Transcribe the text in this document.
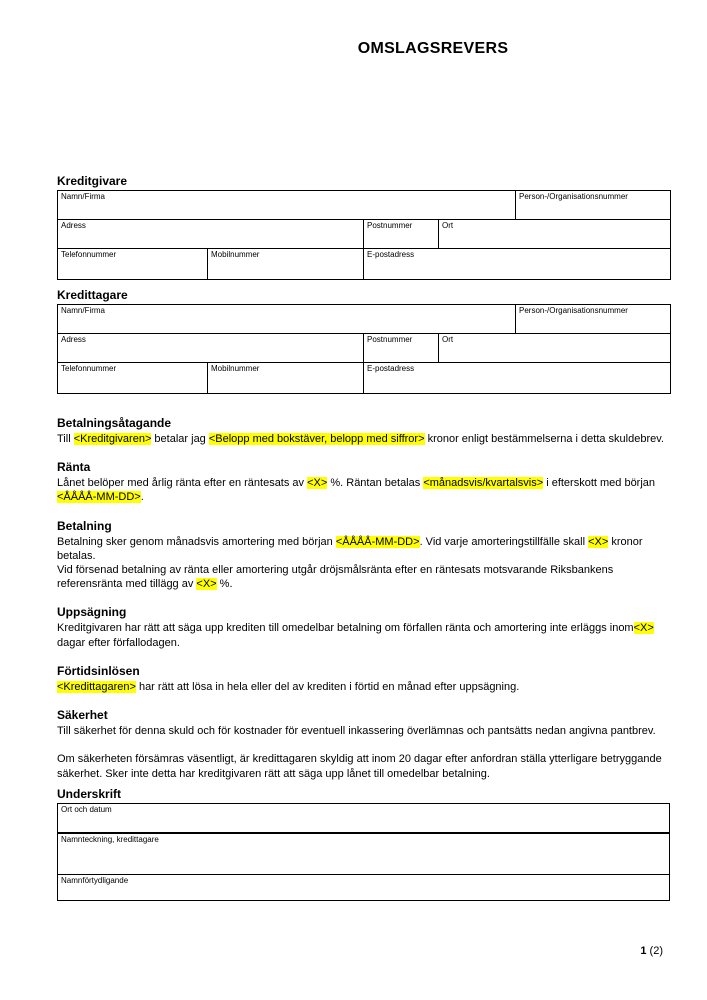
OMSLAGSREVERS
Kreditgivare
Namn/Firma				Person-/Organisationsnummer
Adress		Postnummer	Ort	
Telefonnummer	Mobilnummer	E-postadress		
Kredittagare
Namn/Firma				Person-/Organisationsnummer
Adress		Postnummer	Ort	
Telefonnummer	Mobilnummer	E-postadress		
Betalningsåtagande

Till <Kreditgivaren> betalar jag <Belopp med bokstäver, belopp med siffror> kronor enligt bestämmelserna i detta skuldebrev.

Ränta

Lånet belöper med årlig ränta efter en räntesats av <X> %. Räntan betalas <månadsvis/kvartalsvis> i efterskott med början <ÅÅÅÅ-MM-DD>.

Betalning

Betalning sker genom månadsvis amortering med början <ÅÅÅÅ-MM-DD>. Vid varje amorteringstillfälle skall <X> kronor betalas.

Vid försenad betalning av ränta eller amortering utgår dröjsmålsränta efter en räntesats motsvarande Riksbankens referensränta med tillägg av <X> %.

Uppsägning

Kreditgivaren har rätt att säga upp krediten till omedelbar betalning om förfallen ränta och amortering inte erläggs inom<X> dagar efter förfallodagen.

Förtidsinlösen

<Kredittagaren> har rätt att lösa in hela eller del av krediten i förtid en månad efter uppsägning.

Säkerhet

Till säkerhet för denna skuld och för kostnader för eventuell inkassering överlämnas och pantsätts nedan angivna pantbrev.

Om säkerheten försämras väsentligt, är kredittagaren skyldig att inom 20 dagar efter anfordran ställa ytterligare betryggande säkerhet. Sker inte detta har kreditgivaren rätt att säga upp lånet till omedelbar betalning.

Underskrift
Ort och datum
Namnteckning, kredittagare
Namnförtydligande
1 (2)
